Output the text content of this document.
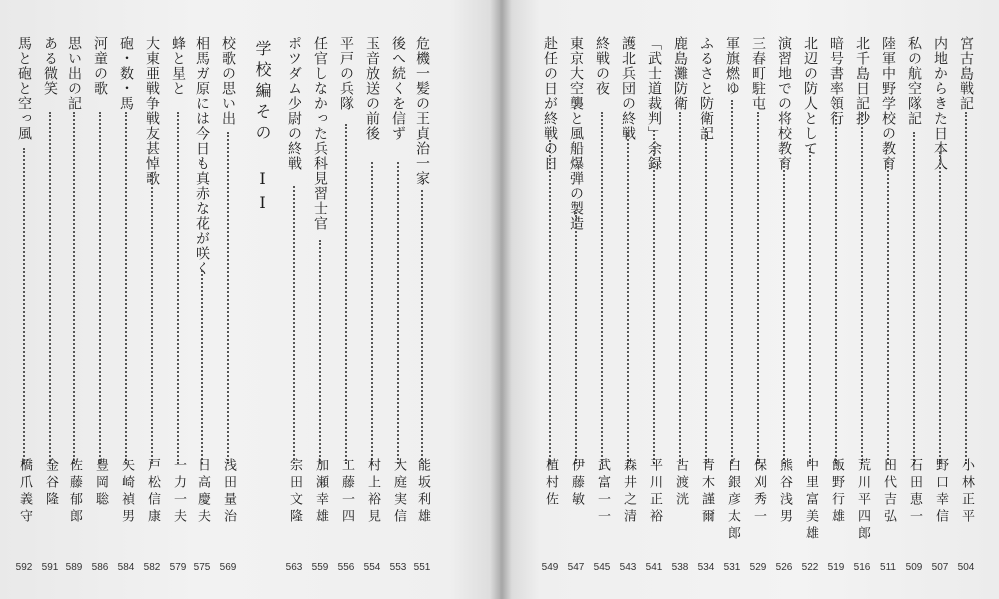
危機一髪の王貞治一家
能坂利雄
551
後へ続くを信ず
大庭実信
553
玉音放送の前後
村上裕見
554
平戸の兵隊
工藤一四
556
任官しなかった兵科見習士官
加瀬幸雄
559
ポツダム少尉の終戦
宗田文隆
563
学校編その II
校歌の思い出
浅田量治
569
相馬ガ原には今日も真赤な花が咲く
日高慶夫
575
蜂と星と
一力一夫
579
大東亜戦争戦友甚悼歌
戸松信康
582
砲・数・馬
矢崎禎男
584
河童の歌
豊岡聡
586
思い出の記
佐藤郁郎
589
ある微笑
金谷隆
591
馬と砲と空っ風
橋爪義守
592
宮古島戦記
小林正平
504
内地からきた日本人
野口幸信
507
私の航空隊記
石田恵一
509
陸軍中野学校の教育
田代吉弘
511
北千島日記抄
荒川平四郎
516
暗号書率領行
飯野行雄
519
北辺の防人として
中里富美雄
522
演習地での将校教育
熊谷浅男
526
三春町駐屯
保刈秀一
529
軍旗燃ゆ
白銀彦太郎
531
ふるさと防衛記
青木謹爾
534
鹿島灘防衛
古渡洸
538
「武士道裁判」余録
平川正裕
541
護北兵団の終戦
森井之清
543
終戦の夜
武富一一
545
東京大空襲と風船爆弾の製造
伊藤敏
547
赴任の日が終戦の日
植村佐
549
